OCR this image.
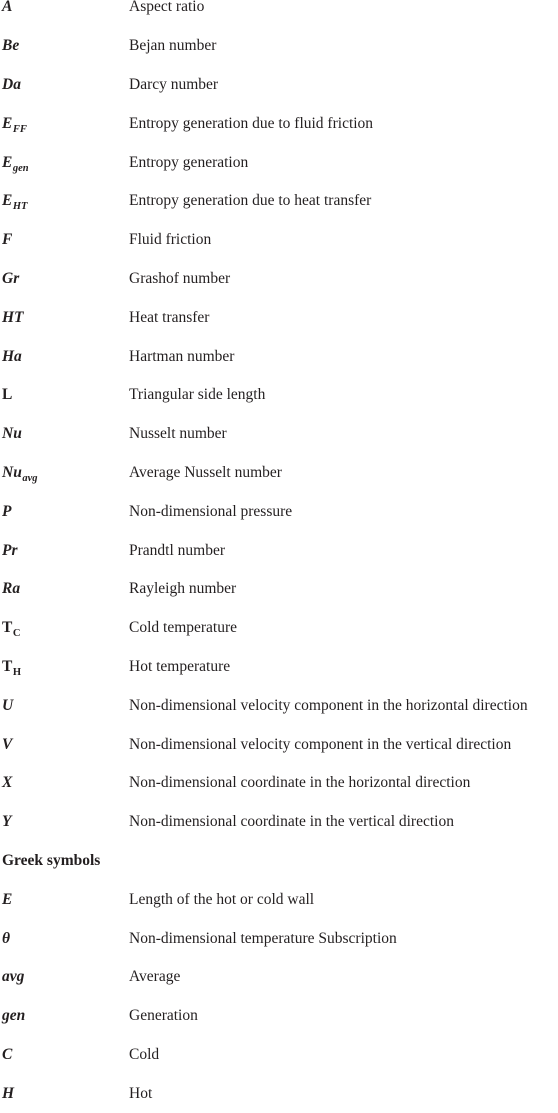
A	Aspect ratio
Be	Bejan number
Da	Darcy number
$E_{FF}$	Entropy generation due to fluid friction
$E_{gen}$	Entropy generation
$E_{HT}$	Entropy generation due to heat transfer
F	Fluid friction
Gr	Grashof number
HT	Heat transfer
Ha	Hartman number
L	Triangular side length
Nu	Nusselt number
$Nu_{avg}$	Average Nusselt number
P	Non-dimensional pressure
Pr	Prandtl number
Ra	Rayleigh number
$T_C$	Cold temperature
$T_H$	Hot temperature
U	Non-dimensional velocity component in the horizontal direction
V	Non-dimensional velocity component in the vertical direction
X	Non-dimensional coordinate in the horizontal direction
Y	Non-dimensional coordinate in the vertical direction
Greek symbols
E	Length of the hot or cold wall
θ	Non-dimensional temperature Subscription
avg	Average
gen	Generation
C	Cold
H	Hot
